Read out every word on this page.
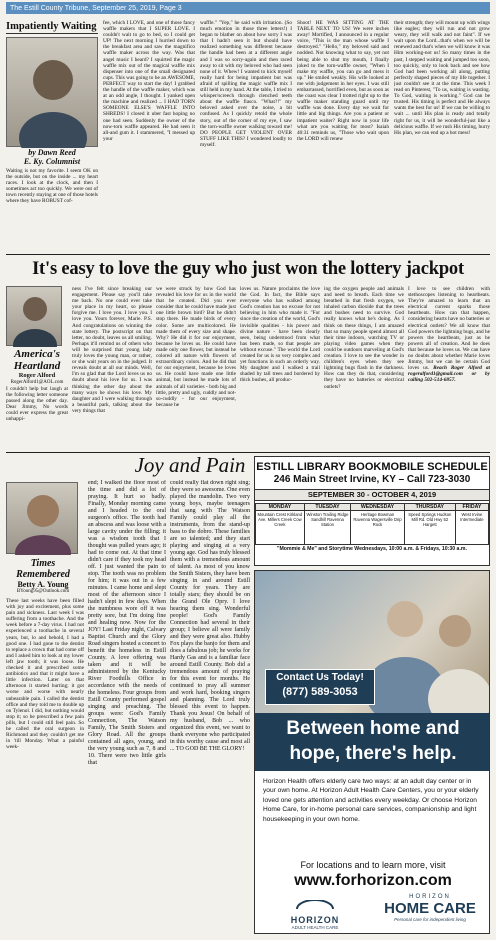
The Estill County Tribune, September 25, 2019, Page 3
Impatiently Waiting
by Dawn Reed
E. Ky. Columnist
Waiting is not my favorite. I seem OK on the outside, but on the inside ... my heart races. I look at the clock, and then I sometimes act too quickly. We were out of town recently staying at one of those hotels where they have ROBUST cof-
fee, which I LOVE, and one of those fancy waffle makers that I SUPER LOVE. I couldn't wait to go to bed, so I could get UP! The next morning I hurried down to the breakfast area and saw the magnifico waffle maker across the way. Was that angel music I heard? I squirted the magic waffle mix out of the magical waffle mix dispenser into one of the small designated cups. This was going to be an AWESOME, PERFECT way to start the day! I grabbed the handle of the waffle maker, which was at an odd angle, I thought. I yanked open the machine and realized ... I HAD TORN SOMEONE ELSE'S WAFFLE INTO SHREDS! I closed it uber fast hoping no one had seen. Suddenly the owner of the now-torn waffle appeared. He had seen it all-and gum it. I stammered, "I messed up your
waffle." "Yep," he said with irritation. (So much emotion in those three letters!) I began to blather on about how sorry I was that I hadn't seen it but should have realized something was different because the handle had been at a different angle and I was so sorry-again and then raced away to sit with my beloved who had seen none of it. Whew! I wanted to kick myself really hard for being impatient but was afraid of spilling the magic waffle mix I still held in my hand. At the table, I tried to whisper/screech through clenched teeth about the waffle fiasco. "What?!" my beloved asked over the noise, a bit confused. As I quickly retold the whole story, out of the corner of my eye, I saw the torn-waffle owner walking toward me! DO PEOPLE GET VIOLENT OVER STUFF LIKE THIS? I wondered loudly to myself.
Shoot! HE WAS SITTING AT THE TABLE NEXT TO US! We were inches away! Mortified, I announced in a regular voice, "This is the man whose waffle I destroyed." "Hello," my beloved said and nodded. Not knowing what to say, yet not being able to shut my mouth, I finally joked to the torn-waffle owner, "When I make my waffle, you can go and mess it up." He smiled weakly. His wife looked at me with judgement in her eyes. I was still embarrassed, horrified even, but as soon as the coast was clear I trotted right up to the waffle maker standing guard until my waffle was done. Every day we wait for little and big things. Are you a patient or impatient waiter? Right now in your life what are you waiting for most? Isaiah 40:31 reminds us, "Those who wait upon the LORD will renew
their strength; they will mount up with wings like eagles; they will run and not grow weary, they will walk and not faint". If we wait upon the Lord...that's when we will be renewed and that's when we will know it was Him working-not us! So many times in the past, I stepped waiting and jumped too soon, too quickly, only to look back and see how God had been working all along, putting perfectly shaped pieces of my life together. I just couldn't see it at the time. This week I read on Pinterest, "To us, waiting is wasting. To God, waiting is working." God can be trusted. His timing is perfect and He always wants the best for us! If we can be willing to wait ... until His plan is ready and totally right for us, it will be wonderful-just like a delicious waffle. If we rush His timing, hurry His plan, we can end up a hot mess!
It's easy to love the guy who just won the lottery jackpot
America's
Heartland
Roger Alford
RogerAlford1@AOL.com
I couldn't help but laugh at the following letter someone passed along the other day. Dear Jimmy, No words could ever express the great unhappi-
ness I've felt since breaking our engagement. Please say you'll take me back. No one could ever take your place in my heart, so please forgive me. I love you. I love you. I love you. Yours forever, Marie. P.S. And congratulations on winning the state lottery. The postscript on that letter, no doubt, leaves us all smiling. Perhaps it'll remind us of others who will be surprised that young lady truly loves the young man, or rather, or she wait years on in the judged. It reveals doubt at all our minds. Well, I'm so glad that the Lord loves us no doubt about his love for us. I was thinking the other day about the many ways he shows his love. My daughter and I were walking through a beautiful park, talking about the very things that
we were struck by how God has revealed his love for us in the world that he created. Did you ever consider that he could have made just one little brown bird? But he didn't stop there. He made birds of every color. Some are multicolored. He made them of every size and shape. Why? He did it for our enjoyment, because he loves us. He could have made only one flower, but instead he colored all nature with flowers of extraordinary colors. And he did that for our enjoyment, because he loves us. He could have made one little animal, but instead he made lots of animals of all varieties - both big and little, pretty and ugly, cuddly and not-so-cuddly - for our enjoyment, because he
loves us. Nature proclaims the love the God. In fact, the Bible says everyone who has walked among God's creation has no excuse for not believing in him who made it. "For since the creation of the world, God's invisible qualities - his power and divine nature - have been clearly seen, being understood from what has been made, so that people are without excuse." The world the Lord created for us is so very complex and yet functions in such an orderly way. My daughter and I walked a trail shaded by tall trees and bordered by thick bushes, all produc-
ing the oxygen people and animals and need to breath. Each time we breathed in that fresh oxygen, we inhaled carbon dioxide that the trees and bushes need to survive. God really knows what he's doing. As I think on these things, I am amazed that so many people spend almost all their time indoors, watching TV or playing video games when they could be outdoors marveling at God's creation. I love to see the wonder in children's eyes when they see lightning bugs flash in the darkness. How can they do that, considering they have no batteries or electrical outlets?
I love to see children with stethoscopes listening to heartbeats. They're amazed to learn that an electrical current sparks those heartbeats. How can that happen, considering hearts have no batteries or electrical outlets? We all know that God powers the lightning bugs, and he powers the heartbeats, just as he powers all of creation. And he does that because he loves us. We can have no doubts about whether Marie loves Jimmy, but we can be certain God loves us. Reach Roger Alford at rogeralford1@gmail.com or by calling 502-514-6857.
Joy and Pain
Times
Remembered
Betty A. Young
BYoung95@Outlook.com
These last weeks have been filled with joy and excitement, plus some pain and sickness. Last week I was suffering from a toothache. And the week before a 7-day virus. I had not experienced a toothache in several years, but, lo and behold, I had a good one. I had gone to the dentist to replace a crown that had come off and I asked him to look at my lower left jaw tooth; it was loose. He checked it and prescribed some antibiotics and that it might have a little infection. Later on that afternoon it started hurting; it got worse and worse with nearly unbearable pain. I called the dentist office and they told me to double up on Tylenol. I did, but nothing would stop it; so he prescribed a few pain pills, but I could still feel pain. So he called the oral surgeon in Richmond and they couldn't get me in 'till Monday. What a painful week-
end; I walked the floor most of the time and did a lot of praying. It hurt so badly. Finally, Monday morning came and I headed to the oral surgeon's office. The tooth had an abscess and was loose with a large cavity under the filling; it was a wisdom tooth that I thought was pulled years ago; it had to come out. At that time I didn't care if they took my head off. I just wanted the pain to stop. The tooth was no problem for him; it was out in a few minutes. I came home and slept most of the afternoon since I hadn't slept in few days. When the numbness wore off it was pretty sore, but I'm doing fine and healing now. Now for the JOY! Last Friday night, Calvary Baptist Church and the Glory Road singers hosted a concert to benefit the homeless in Estill County. A love offering was taken and it will be administered by the Kentucky River Foothills Office in accordance with the needs of the homeless. Four groups from Estill County performed gospel singing and preaching. The groups were: God's Family Connection, The Watson Family, The Smith Sisters and Glory Road. All the groups contained all ages, young, and the very young such as 7, 8 and 10. There were two little girls that
could really flat down right sing; they were so awesome. One even played the mandolin. Two very young boys, maybe teenagers that sang with The Watson Family could play all the instruments, from the stand-up bass to the dobro. These families are so talented; and they start playing and singing at a very young age. God has truly blessed them with a tremendous amount of talent. As most of you know the Smith Sisters, they have been singing in and around Estill County for years. They are totally stars; they should be on the Grand Ole Opry. I love hearing them sing. Wonderful people! God's Family Connection had several in their group; I believe all were family and they were great also. Hubby Fox plays the banjo for them and does a fabulous job; he works for Hardy Gas and is a familiar face around Estill County. Bob did a tremendous amount of praying for this event for months. He continued to pray all summer and work hard, booking singers and planning. The Lord truly blessed this event to happen. Thank you Jesus! On behalf of my husband, Bob ... who organized this event, we want to thank everyone who participated in this worthy cause and most all ... TO GOD BE THE GLORY!
ESTILL LIBRARY BOOKMOBILE SCHEDULE
246 Main Street Irvine, KY – Call 723-3030
SEPTEMBER 30 - OCTOBER 4, 2019
MONDAY	TUESDAY	WEDNESDAY	THURSDAY	FRIDAY
Mountain Crest Kirkland Ave. Millers Creek Cow Creek	Winston Trailing Ridge Sandhill Ravenna Station	Heritage Bowman Ravenna Wagersville Drip Rock	Speed Springs Hudson Mill Rd. Old Hwy 52 Hargett	West Irvine Intermediate
"Mommie & Me" and Storytime Wednesdays, 10:00 a.m. & Fridays, 10:30 a.m.
Contact Us Today!
(877) 589-3053
Between home and
hope, there's help.
Horizon Health offers elderly care two ways: at an adult day center or in your own home. At Horizon Adult Health Care Centers, you or your elderly loved one gets attention and activities every weekday. Or choose Horizon Home Care, for in-home personal care services, companionship and light housekeeping in your own home.
For locations and to learn more, visit
www.forhorizon.com
HORIZON
ADULT HEALTH CARE
HORIZON
HOME CARE
Personal care for independent living
